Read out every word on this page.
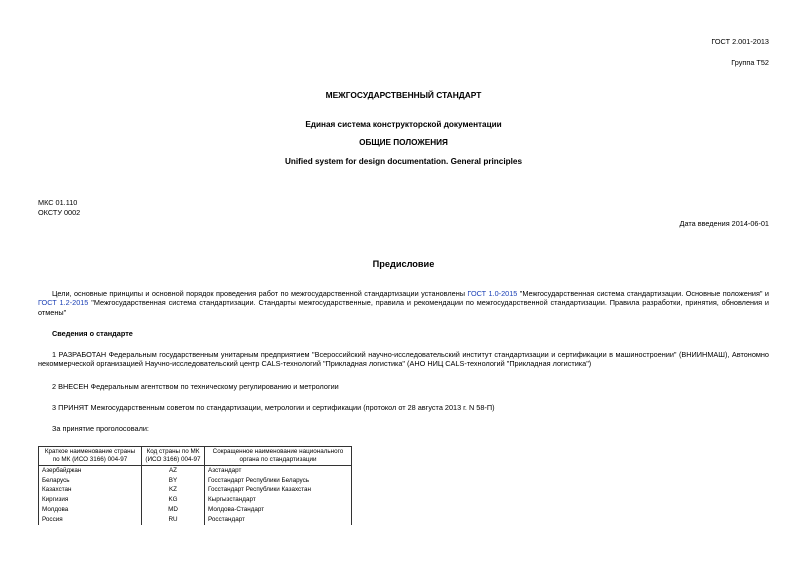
ГОСТ 2.001-2013
Группа Т52
МЕЖГОСУДАРСТВЕННЫЙ СТАНДАРТ
Единая система конструкторской документации
ОБЩИЕ ПОЛОЖЕНИЯ
Unified system for design documentation. General principles
МКС 01.110
ОКСТУ 0002
Дата введения 2014-06-01
Предисловие
Цели, основные принципы и основной порядок проведения работ по межгосударственной стандартизации установлены ГОСТ 1.0-2015 "Межгосударственная система стандартизации. Основные положения" и ГОСТ 1.2-2015 "Межгосударственная система стандартизации. Стандарты межгосударственные, правила и рекомендации по межгосударственной стандартизации. Правила разработки, принятия, обновления и отмены"
Сведения о стандарте
1 РАЗРАБОТАН Федеральным государственным унитарным предприятием "Всероссийский научно-исследовательский институт стандартизации и сертификации в машиностроении" (ВНИИНМАШ), Автономно некоммерческой организацией Научно-исследовательский центр CALS-технологий "Прикладная логистика" (АНО НИЦ CALS-технологий "Прикладная логистика")
2 ВНЕСЕН Федеральным агентством по техническому регулированию и метрологии
3 ПРИНЯТ Межгосударственным советом по стандартизации, метрологии и сертификации (протокол от 28 августа 2013 г. N 58-П)
За принятие проголосовали:
Краткое наименование страны по МК (ИСО 3166) 004-97	Код страны по МК (ИСО 3166) 004-97	Сокращенное наименование национального органа по стандартизации
Азербайджан	AZ	Азстандарт
Беларусь	BY	Госстандарт Республики Беларусь
Казахстан	KZ	Госстандарт Республики Казахстан
Киргизия	KG	Кыргызстандарт
Молдова	MD	Молдова-Стандарт
Россия	RU	Росстандарт
